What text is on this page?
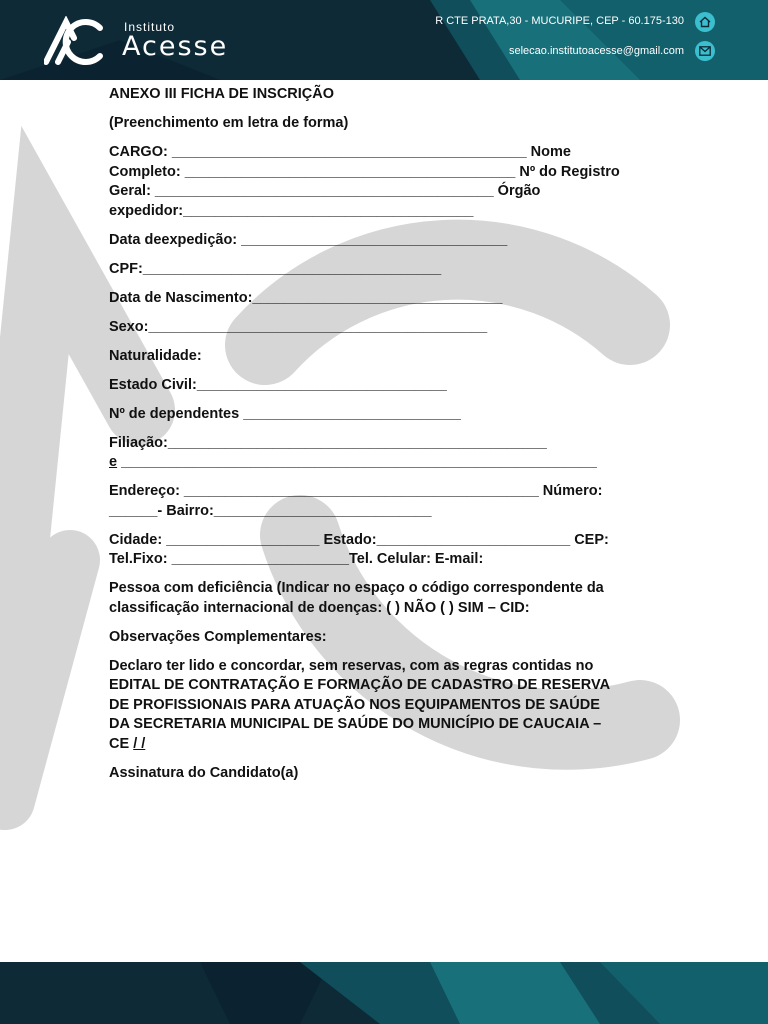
Instituto
Acesse
R CTE PRATA,30 - MUCURIPE, CEP - 60.175-130
selecao.institutoacesse@gmail.com

ANEXO III FICHA DE INSCRIÇÃO

(Preenchimento em letra de forma)

CARGO: ____________________________________________ Nome
Completo: _________________________________________ Nº do Registro
Geral: __________________________________________ Órgão

expedidor:____________________________________

Data deexpedição: _________________________________

CPF:_____________________________________

Data de Nascimento:_______________________________

Sexo:__________________________________________

Naturalidade:

Estado Civil:_______________________________

Nº de dependentes ___________________________

Filiação:_______________________________________________

e ___________________________________________________________

Endereço: ____________________________________________ Número:

______- Bairro:___________________________

Cidade: ___________________ Estado:________________________ CEP:

Tel.Fixo: ______________________Tel. Celular: E-mail:

Pessoa com deficiência (Indicar no espaço o código correspondente da classificação internacional de doenças: ( ) NÃO ( ) SIM – CID:

Observações Complementares:

Declaro ter lido e concordar, sem reservas, com as regras contidas no
EDITAL DE CONTRATAÇÃO E FORMAÇÃO DE CADASTRO DE RESERVA
DE PROFISSIONAIS PARA ATUAÇÃO NOS EQUIPAMENTOS DE SAÚDE
DA SECRETARIA MUNICIPAL DE SAÚDE DO MUNICÍPIO DE CAUCAIA –

CE / /

Assinatura do Candidato(a)
